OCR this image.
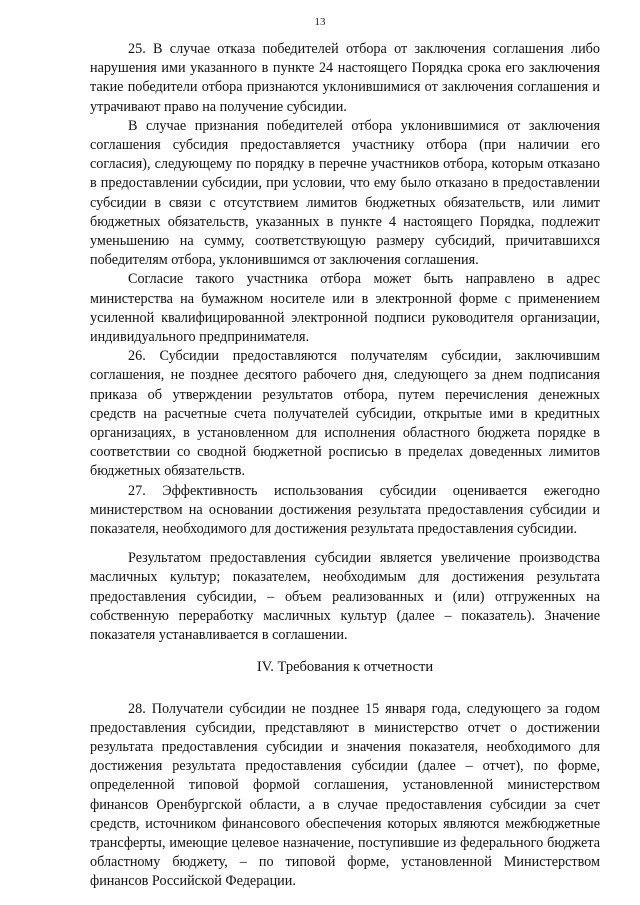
13

25. В случае отказа победителей отбора от заключения соглашения либо нарушения ими указанного в пункте 24 настоящего Порядка срока его заключения такие победители отбора признаются уклонившимися от заключения соглашения и утрачивают право на получение субсидии.

В случае признания победителей отбора уклонившимися от заключения соглашения субсидия предоставляется участнику отбора (при наличии его согласия), следующему по порядку в перечне участников отбора, которым отказано в предоставлении субсидии, при условии, что ему было отказано в предоставлении субсидии в связи с отсутствием лимитов бюджетных обязательств, или лимит бюджетных обязательств, указанных в пункте 4 настоящего Порядка, подлежит уменьшению на сумму, соответствующую размеру субсидий, причитавшихся победителям отбора, уклонившимся от заключения соглашения.

Согласие такого участника отбора может быть направлено в адрес министерства на бумажном носителе или в электронной форме с применением усиленной квалифицированной электронной подписи руководителя организации, индивидуального предпринимателя.

26. Субсидии предоставляются получателям субсидии, заключившим соглашения, не позднее десятого рабочего дня, следующего за днем подписания приказа об утверждении результатов отбора, путем перечисления денежных средств на расчетные счета получателей субсидии, открытые ими в кредитных организациях, в установленном для исполнения областного бюджета порядке в соответствии со сводной бюджетной росписью в пределах доведенных лимитов бюджетных обязательств.

27. Эффективность использования субсидии оценивается ежегодно министерством на основании достижения результата предоставления субсидии и показателя, необходимого для достижения результата предоставления субсидии.

Результатом предоставления субсидии является увеличение производства масличных культур; показателем, необходимым для достижения результата предоставления субсидии, – объем реализованных и (или) отгруженных на собственную переработку масличных культур (далее – показатель). Значение показателя устанавливается в соглашении.

IV. Требования к отчетности

28. Получатели субсидии не позднее 15 января года, следующего за годом предоставления субсидии, представляют в министерство отчет о достижении результата предоставления субсидии и значения показателя, необходимого для достижения результата предоставления субсидии (далее – отчет), по форме, определенной типовой формой соглашения, установленной министерством финансов Оренбургской области, а в случае предоставления субсидии за счет средств, источником финансового обеспечения которых являются межбюджетные трансферты, имеющие целевое назначение, поступившие из федерального бюджета областному бюджету, – по типовой форме, установленной Министерством финансов Российской Федерации.
